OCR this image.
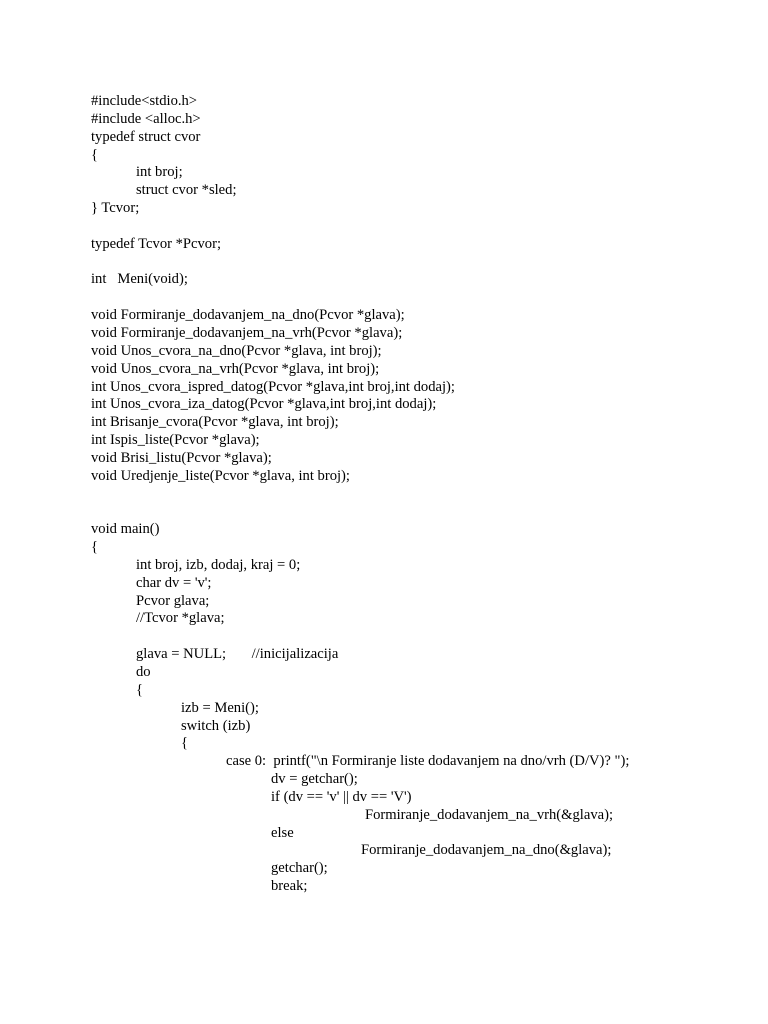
#include<stdio.h>
#include <alloc.h>
typedef struct cvor
{
int broj;
struct cvor *sled;
} Tcvor;
typedef Tcvor *Pcvor;
int   Meni(void);
void Formiranje_dodavanjem_na_dno(Pcvor *glava);
void Formiranje_dodavanjem_na_vrh(Pcvor *glava);
void Unos_cvora_na_dno(Pcvor *glava, int broj);
void Unos_cvora_na_vrh(Pcvor *glava, int broj);
int Unos_cvora_ispred_datog(Pcvor *glava,int broj,int dodaj);
int Unos_cvora_iza_datog(Pcvor *glava,int broj,int dodaj);
int Brisanje_cvora(Pcvor *glava, int broj);
int Ispis_liste(Pcvor *glava);
void Brisi_listu(Pcvor *glava);
void Uredjenje_liste(Pcvor *glava, int broj);
void main()
{
int broj, izb, dodaj, kraj = 0;
char dv = 'v';
Pcvor glava;
//Tcvor *glava;
glava = NULL;       //inicijalizacija
do
{
izb = Meni();
switch (izb)
{
case 0:  printf("\n Formiranje liste dodavanjem na dno/vrh (D/V)? ");
dv = getchar();
if (dv == 'v' || dv == 'V')
Formiranje_dodavanjem_na_vrh(&glava);
else
Formiranje_dodavanjem_na_dno(&glava);
getchar();
break;
